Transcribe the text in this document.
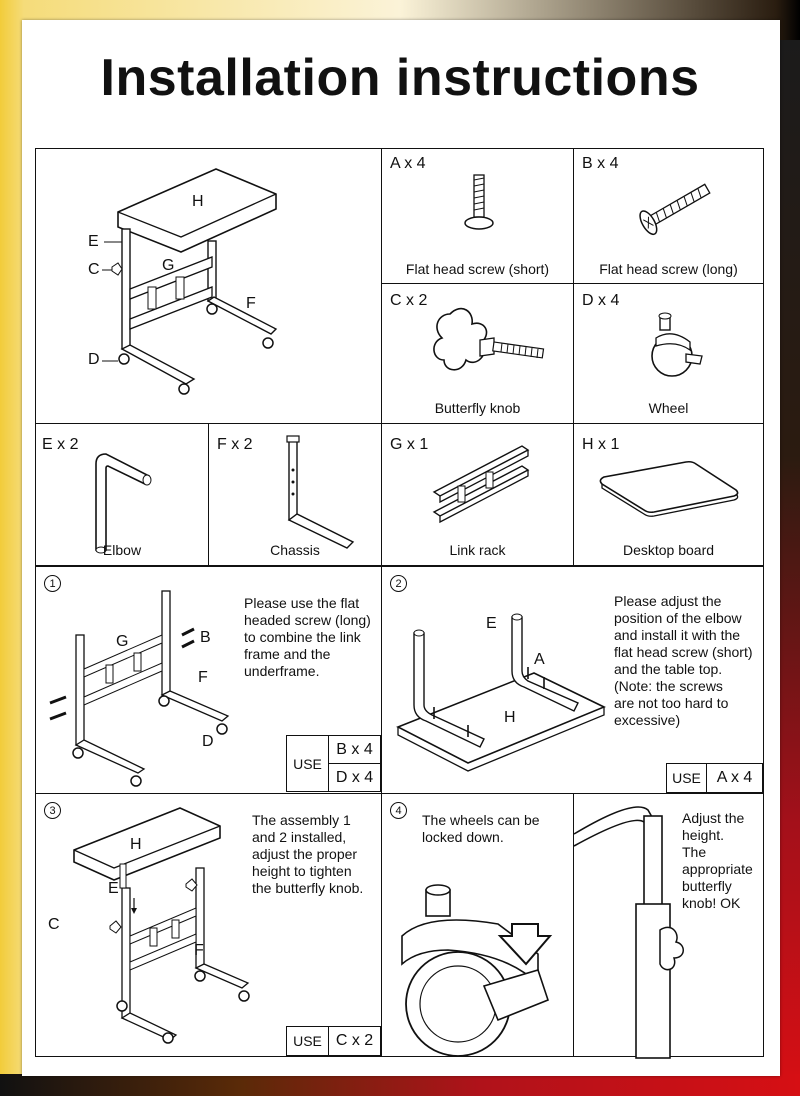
Installation instructions
H
E
C	G
F
D
A x 4
Flat head screw (short)
B x 4
Flat head screw (long)
C x 2
Butterfly knob
D x 4
Wheel
E x 2
Elbow
F x 2
Chassis
G x 1
Link rack
H x 1
Desktop board
1
G	B
F
D
Please use the flat
headed screw (long)
to combine the link
frame and the
underframe.
USE
B x 4
D x 4
2
E
A
H
Please adjust the
position of the elbow
and install it with the
flat head screw (short)
and the table top.
(Note: the screws
are not too hard to
excessive)
USE A x 4
3
H
E
C
F
The assembly 1
and 2 installed,
adjust the proper
height to tighten
the butterfly knob.
USE C x 2
4
The wheels can be
locked down.
Adjust the
height.
The
appropriate
butterfly
knob! OK
